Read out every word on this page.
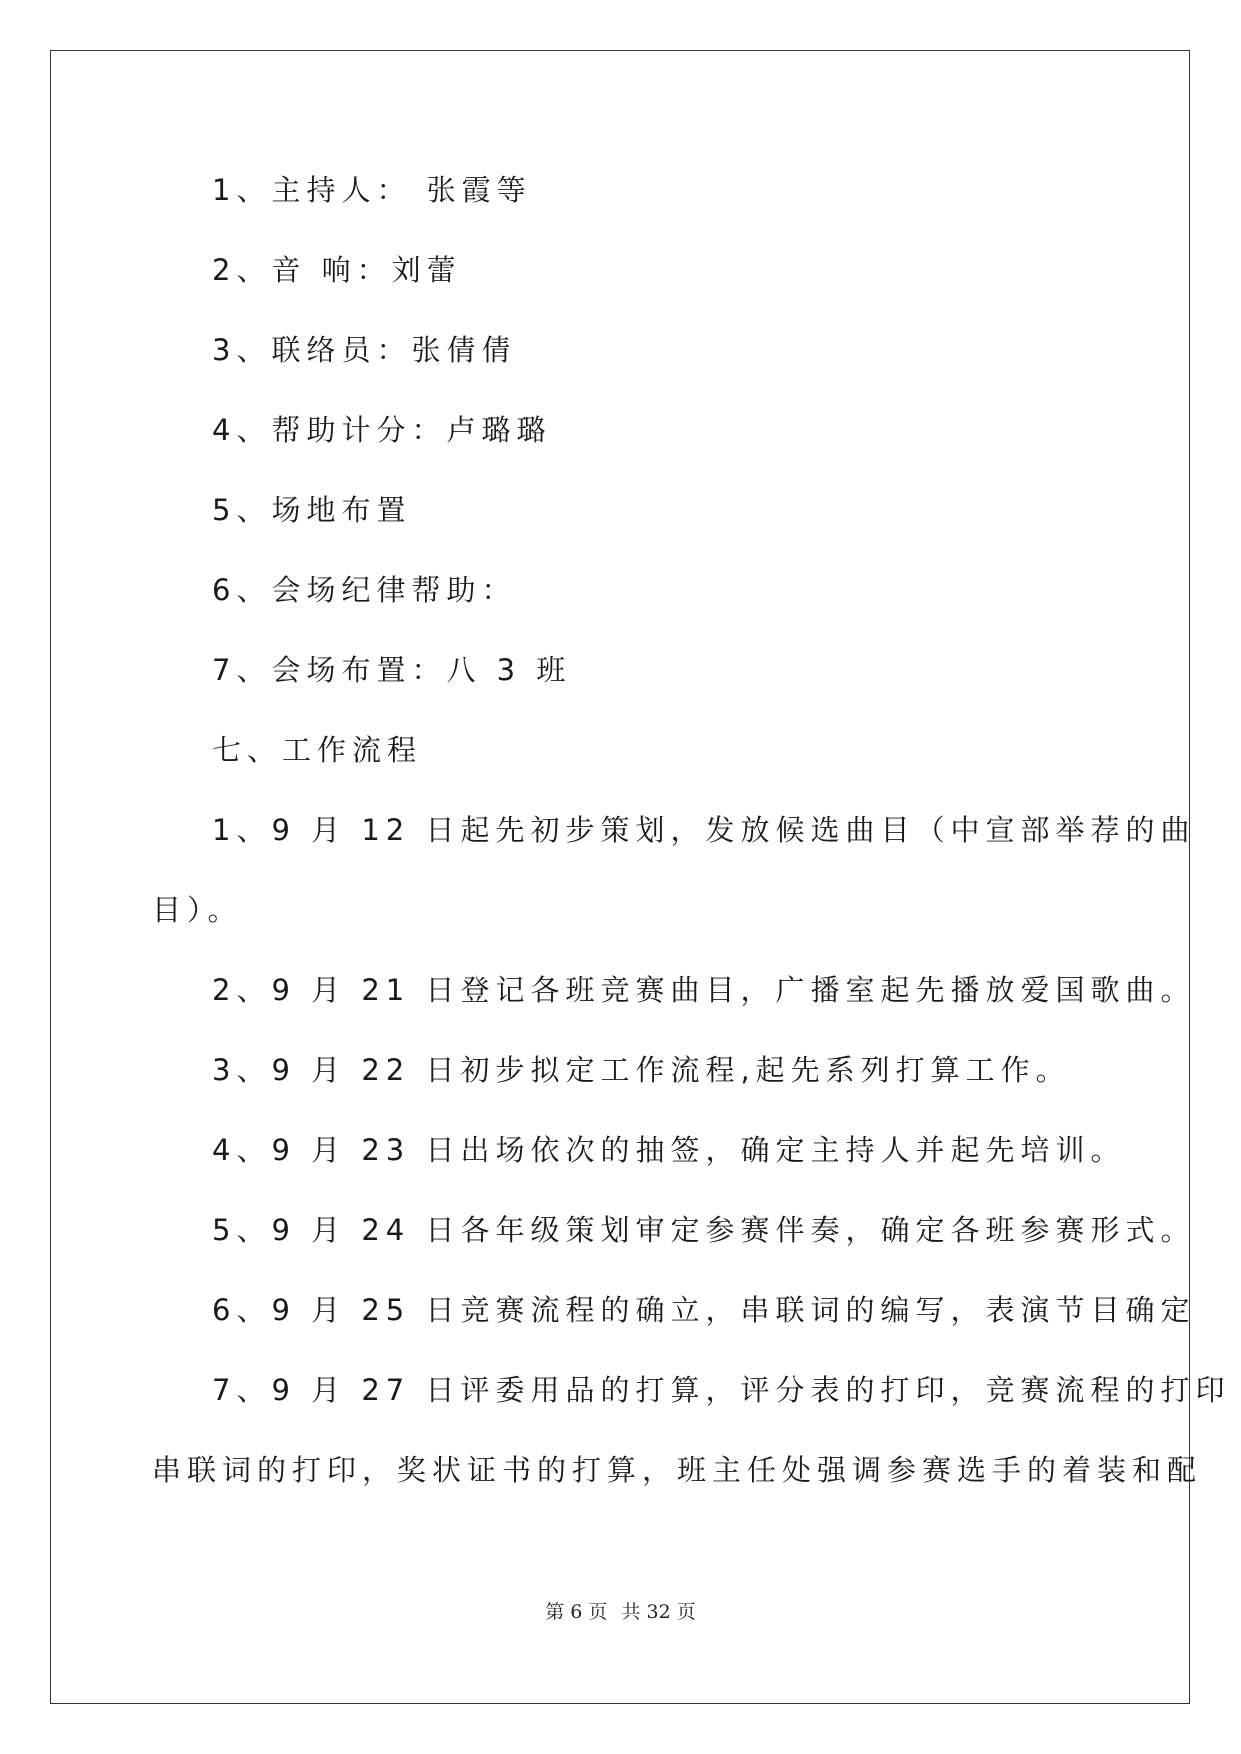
1、主持人： 张霞等
2、音 响：刘蕾
3、联络员：张倩倩
4、帮助计分：卢璐璐
5、场地布置
6、会场纪律帮助：
7、会场布置：八 3 班
七、工作流程
1、9 月 12 日起先初步策划，发放候选曲目（中宣部举荐的曲
目）。
2、9 月 21 日登记各班竞赛曲目，广播室起先播放爱国歌曲。
3、9 月 22 日初步拟定工作流程,起先系列打算工作。
4、9 月 23 日出场依次的抽签，确定主持人并起先培训。
5、9 月 24 日各年级策划审定参赛伴奏，确定各班参赛形式。
6、9 月 25 日竞赛流程的确立，串联词的编写，表演节目确定
7、9 月 27 日评委用品的打算，评分表的打印，竞赛流程的打印
串联词的打印，奖状证书的打算，班主任处强调参赛选手的着装和配
第 6 页 共 32 页
